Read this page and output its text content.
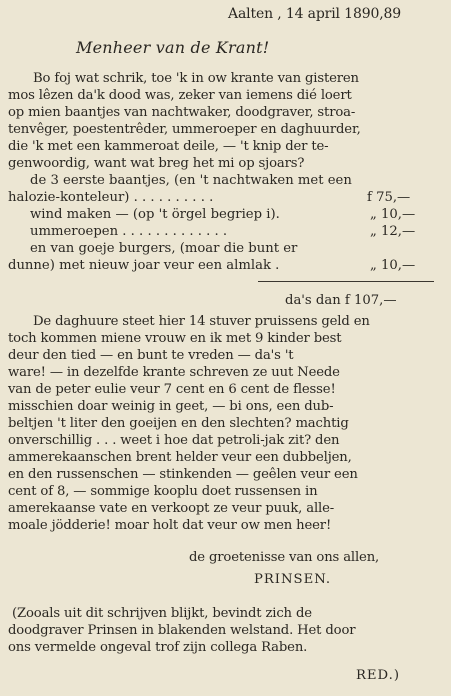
Aalten , 14 april 1890,89
Menheer van de Krant!
Bo foj wat schrik, toe 'k in ow krante van gisteren
mos lêzen da'k dood was, zeker van iemens dié loert
op mien baantjes van nachtwaker, doodgraver, stroa-
tenvêger, poestentrêder, ummeroeper en daghuurder,
die 'k met een kammeroat deile, — 't knip der te-
genwoordig, want wat breg het mi op sjoars?
de 3 eerste baantjes, (en 't nachtwaken met een
halozie-konteleur) . . . . . . . . . .	f 75,—
wind maken — (op 't örgel begriep i).	„ 10,—
ummeroepen . . . . . . . . . . . . .	„ 12,—
en van goeje burgers, (moar die bunt er
dunne) met nieuw joar veur een almlak .	„ 10,—
da's dan f 107,—
De daghuure steet hier 14 stuver pruissens geld en
toch kommen miene vrouw en ik met 9 kinder best
deur den tied — en bunt te vreden — da's 't
ware! — in dezelfde krante schreven ze uut Neede
van de peter eulie veur 7 cent en 6 cent de flesse!
misschien doar weinig in geet, — bi ons, een dub-
beltjen 't liter den goeijen en den slechten? machtig
onverschillig . . . weet i hoe dat petroli-jak zit? den
ammerekaanschen brent helder veur een dubbeljen,
en den russenschen — stinkenden — geêlen veur een
cent of 8, — sommige kooplu doet russensen in
amerekaanse vate en verkoopt ze veur puuk, alle-
moale jödderie! moar holt dat veur ow men heer!
de groetenisse van ons allen,
PRINSEN.
(Zooals uit dit schrijven blijkt, bevindt zich de
doodgraver Prinsen in blakenden welstand. Het door
ons vermelde ongeval trof zijn collega Raben.
RED.)
